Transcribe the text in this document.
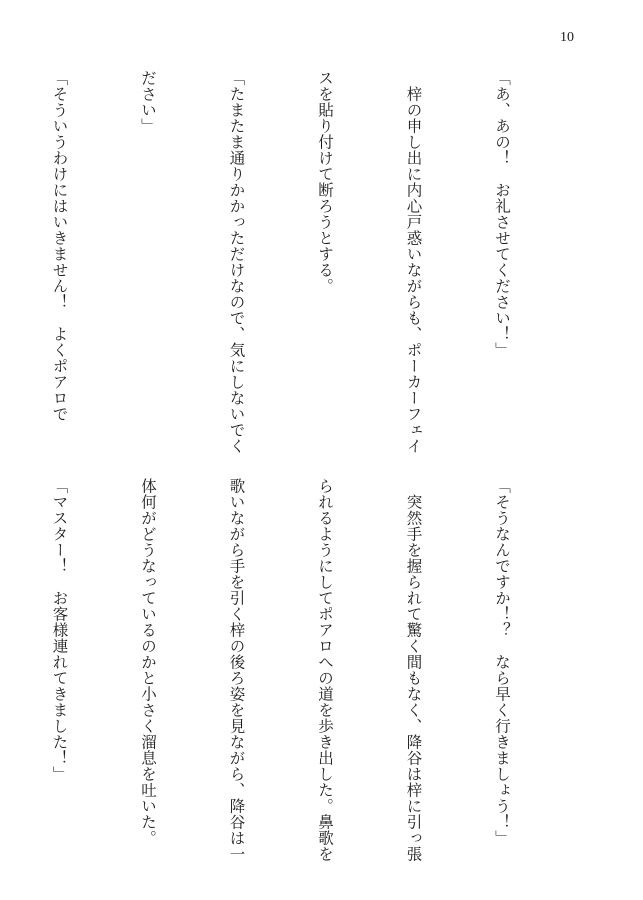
10

「あ、あの！　お礼させてください！」

　梓の申し出に内心戸惑いながらも、ポーカーフェイ

スを貼り付けて断ろうとする。

「たまたま通りかかっただけなので、気にしないでく

ださい」

「そういうわけにはいきません！　よくポアロで

「そうなんですか！？　なら早く行きましょう！」

　突然手を握られて驚く間もなく、降谷は梓に引っ張

られるようにしてポアロへの道を歩き出した。鼻歌を

歌いながら手を引く梓の後ろ姿を見ながら、降谷は一

体何がどうなっているのかと小さく溜息を吐いた。

「マスター！　お客様連れてきました！」
